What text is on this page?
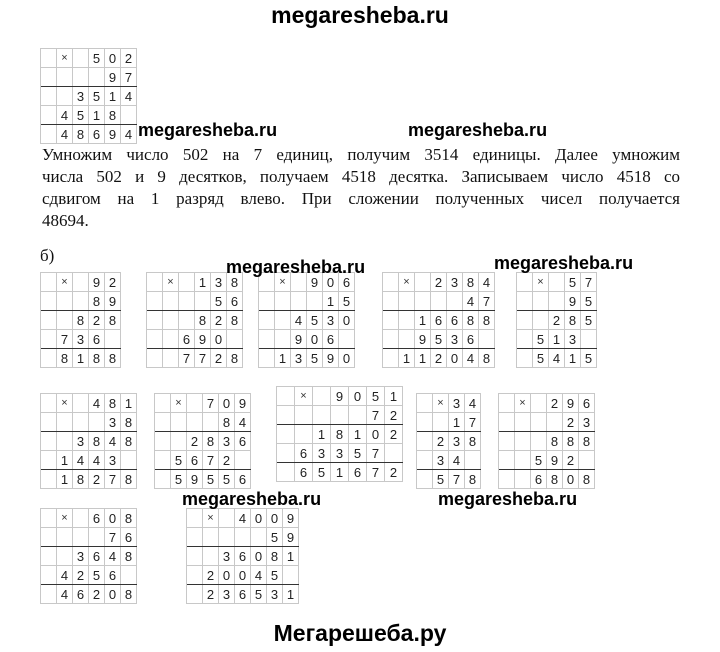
megaresheba.ru
×	5 0 2
9 7
3 5 1 4
4 5 1 8
4 8 6 9 4
×	9 2
8 9
8 2 8
7 3 6
8 1 8 8
×	1 3 8
5 6
8 2 8
6 9 0
7 7 2 8
×	9 0 6
1 5
4 5 3 0
9 0 6
1 3 5 9 0
×	2 3 8 4
4 7
1 6 6 8 8
9 5 3 6
1 1 2 0 4 8
×	5 7
9 5
2 8 5
5 1 3
5 4 1 5
×	4 8 1
3 8
3 8 4 8
1 4 4 3
1 8 2 7 8
×	7 0 9
8 4
2 8 3 6
5 6 7 2
5 9 5 5 6
×	9 0 5 1
7 2
1 8 1 0 2
6 3 3 5 7
6 5 1 6 7 2
× 3 4
1 7
2 3 8
3 4
5 7 8
×	2 9 6
2 3
8 8 8
5 9 2
6 8 0 8
×	6 0 8
7 6
3 6 4 8
4 2 5 6
4 6 2 0 8
×	4 0 0 9
5 9
3 6 0 8 1
2 0 0 4 5
2 3 6 5 3 1
megaresheba.ru	megaresheba.ru
Умножим число 502 на 7 единиц, получим 3514 единицы. Далее умножим
числа 502 и 9 десятков, получаем 4518 десятка. Записываем число 4518 со
сдвигом на 1 разряд влево. При сложении полученных чисел получается
48694.
б)
megaresheba.ru	megaresheba.ru
megaresheba.ru	megaresheba.ru
Мегарешеба.ру
